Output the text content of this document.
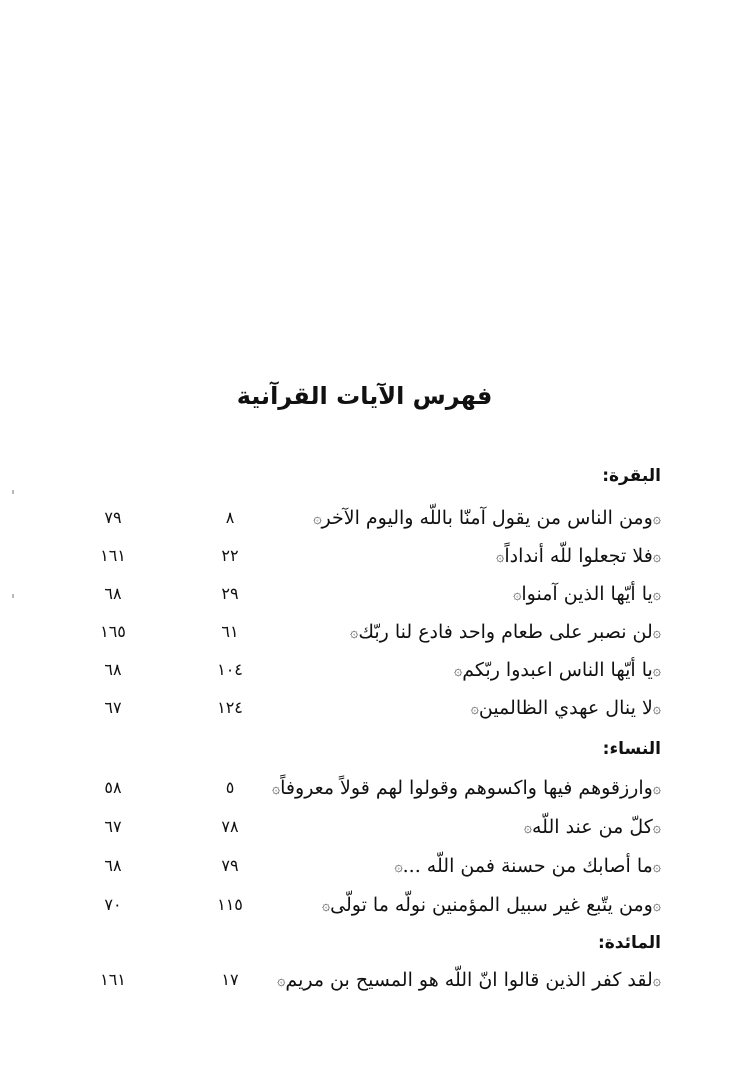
فهرس الآيات القرآنية
البقرة:
۞ومن الناس من يقول آمنّا باللّه واليوم الآخر۞
٨
٧٩
۞فلا تجعلوا للّه أنداداً۞
٢٢
١٦١
۞يا أيّها الذين آمنوا۞
٢٩
٦٨
۞لن نصبر على طعام واحد فادع لنا ربّك۞
٦١
١٦٥
۞يا أيّها الناس اعبدوا ربّكم۞
١٠٤
٦٨
۞لا ينال عهدي الظالمين۞
١٢٤
٦٧
النساء:
۞وارزقوهم فيها واكسوهم وقولوا لهم قولاً معروفاً۞
٥
٥٨
۞كلّ من عند اللّه۞
٧٨
٦٧
۞ما أصابك من حسنة فمن اللّه ...۞
٧٩
٦٨
۞ومن يتّبع غير سبيل المؤمنين نولّه ما تولّى۞
١١٥
٧٠
المائدة:
۞لقد كفر الذين قالوا انّ اللّه هو المسيح بن مريم۞
١٧
١٦١
